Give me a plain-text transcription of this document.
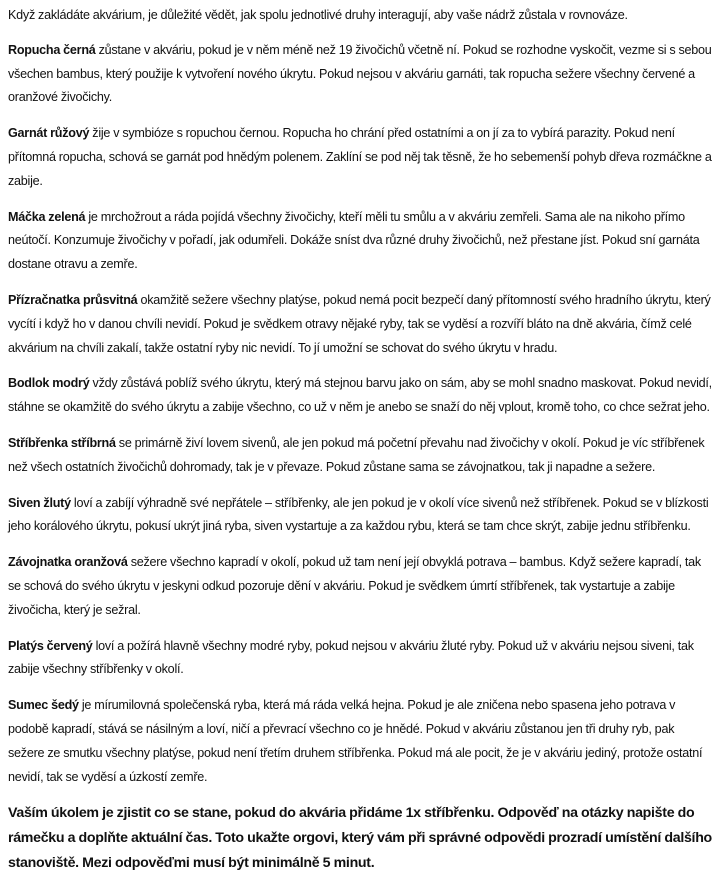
Když zakládáte akvárium, je důležité vědět, jak spolu jednotlivé druhy interagují, aby vaše nádrž zůstala v rovnováze.

Ropucha černá zůstane v akváriu, pokud je v něm méně než 19 živočichů včetně ní. Pokud se rozhodne vyskočit, vezme si s sebou všechen bambus, který použije k vytvoření nového úkrytu. Pokud nejsou v akváriu garnáti, tak ropucha sežere všechny červené a oranžové živočichy.

Garnát růžový žije v symbióze s ropuchou černou. Ropucha ho chrání před ostatními a on jí za to vybírá parazity. Pokud není přítomná ropucha, schová se garnát pod hnědým polenem. Zaklíní se pod něj tak těsně, že ho sebemenší pohyb dřeva rozmáčkne a zabije.

Máčka zelená je mrchožrout a ráda pojídá všechny živočichy, kteří měli tu smůlu a v akváriu zemřeli. Sama ale na nikoho přímo neútočí. Konzumuje živočichy v pořadí, jak odumřeli. Dokáže sníst dva různé druhy živočichů, než přestane jíst. Pokud sní garnáta dostane otravu a zemře.

Přízračnatka průsvitná okamžitě sežere všechny platýse, pokud nemá pocit bezpečí daný přítomností svého hradního úkrytu, který vycítí i když ho v danou chvíli nevidí. Pokud je svědkem otravy nějaké ryby, tak se vyděsí a rozvíří bláto na dně akvária, čímž celé akvárium na chvíli zakalí, takže ostatní ryby nic nevidí. To jí umožní se schovat do svého úkrytu v hradu.

Bodlok modrý vždy zůstává poblíž svého úkrytu, který má stejnou barvu jako on sám, aby se mohl snadno maskovat. Pokud nevidí, stáhne se okamžitě do svého úkrytu a zabije všechno, co už v něm je anebo se snaží do něj vplout, kromě toho, co chce sežrat jeho.

Stříbřenka stříbrná se primárně živí lovem sivenů, ale jen pokud má početní převahu nad živočichy v okolí. Pokud je víc stříbřenek než všech ostatních živočichů dohromady, tak je v převaze. Pokud zůstane sama se závojnatkou, tak ji napadne a sežere.

Siven žlutý loví a zabíjí výhradně své nepřátele – stříbřenky, ale jen pokud je v okolí více sivenů než stříbřenek. Pokud se v blízkosti jeho korálového úkrytu, pokusí ukrýt jiná ryba, siven vystartuje a za každou rybu, která se tam chce skrýt, zabije jednu stříbřenku.

Závojnatka oranžová sežere všechno kapradí v okolí, pokud už tam není její obvyklá potrava – bambus. Když sežere kapradí, tak se schová do svého úkrytu v jeskyni odkud pozoruje dění v akváriu. Pokud je svědkem úmrtí stříbřenek, tak vystartuje a zabije živočicha, který je sežral.

Platýs červený loví a požírá hlavně všechny modré ryby, pokud nejsou v akváriu žluté ryby. Pokud už v akváriu nejsou siveni, tak zabije všechny stříbřenky v okolí.

Sumec šedý je mírumilovná společenská ryba, která má ráda velká hejna. Pokud je ale zničena nebo spasena jeho potrava v podobě kapradí, stává se násilným a loví, ničí a převrací všechno co je hnědé. Pokud v akváriu zůstanou jen tři druhy ryb, pak sežere ze smutku všechny platýse, pokud není třetím druhem stříbřenka. Pokud má ale pocit, že je v akváriu jediný, protože ostatní nevidí, tak se vyděsí a úzkostí zemře.

Vaším úkolem je zjistit co se stane, pokud do akvária přidáme 1x stříbřenku. Odpověď na otázky napište do rámečku a doplňte aktuální čas. Toto ukažte orgovi, který vám při správné odpovědi prozradí umístění dalšího stanoviště. Mezi odpověďmi musí být minimálně 5 minut.
